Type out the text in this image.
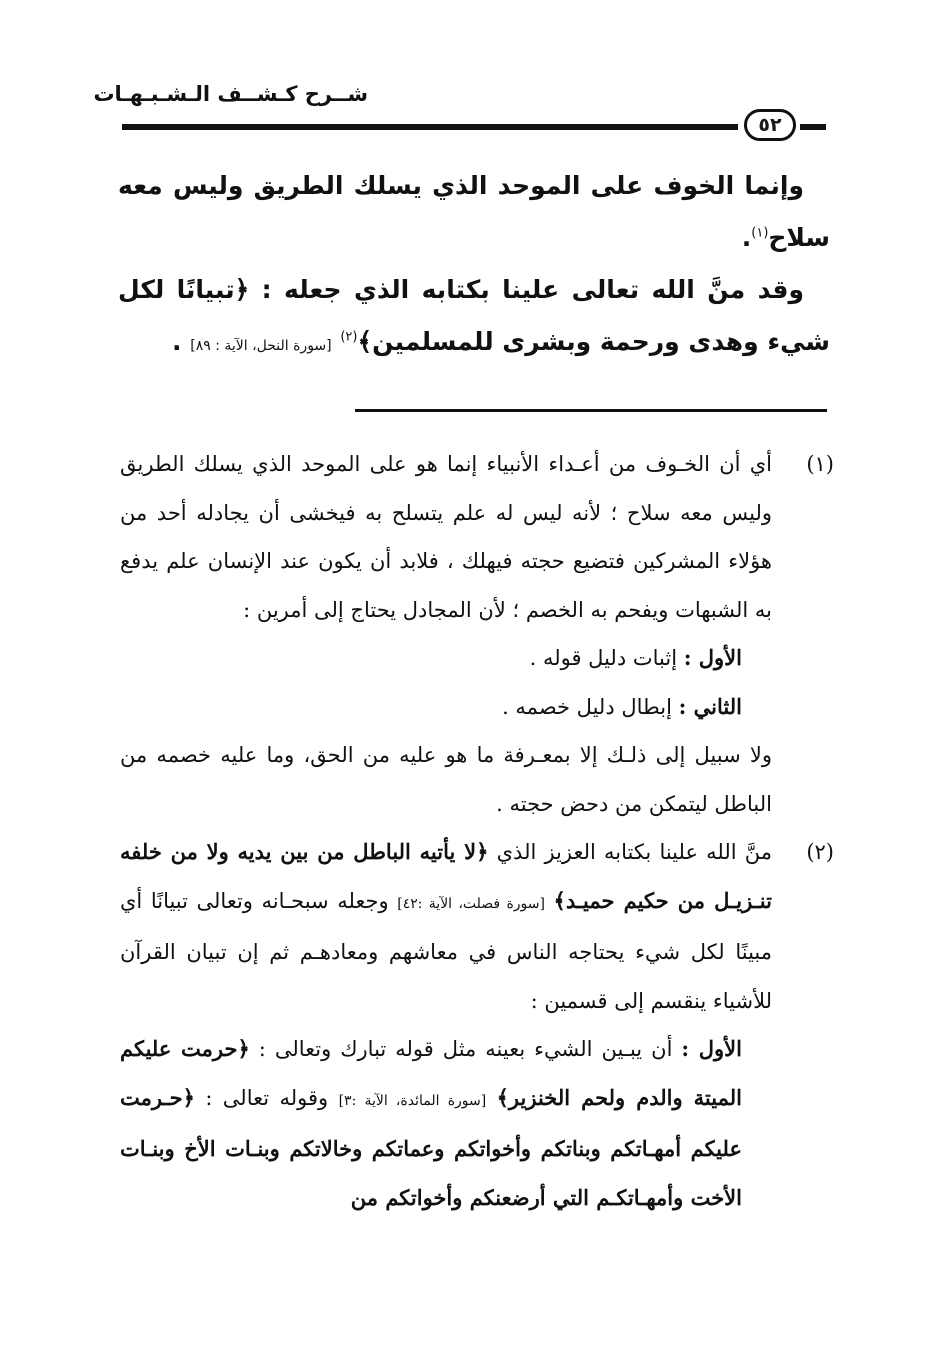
شــرح كـشــف الـشـبـهـات
٥٢

وإنما الخوف على الموحد الذي يسلك الطريق وليس معه سلاح$^{(١)}$.

وقد منَّ الله تعالى علينا بكتابه الذي جعله : ﴿تبيانًا لكل شيء وهدى ورحمة وبشرى للمسلمين﴾$^{(٢)}$ [سورة النحل، الآية : ٨٩] .

(١)

أي أن الخـوف من أعـداء الأنبياء إنما هو على الموحد الذي يسلك الطريق وليس معه سلاح ؛ لأنه ليس له علم يتسلح به فيخشى أن يجادله أحد من هؤلاء المشركين فتضيع حجته فيهلك ، فلابد أن يكون عند الإنسان علم يدفع به الشبهات ويفحم به الخصم ؛ لأن المجادل يحتاج إلى أمرين :

الأول : إثبات دليل قوله .

الثاني : إبطال دليل خصمه .

ولا سبيل إلى ذلـك إلا بمعـرفة ما هو عليه من الحق، وما عليه خصمه من الباطل ليتمكن من دحض حجته .

(٢)

منَّ الله علينا بكتابه العزيز الذي ﴿لا يأتيه الباطل من بين يديه ولا من خلفه تنـزيـل من حكيم حميـد﴾ [سورة فصلت، الآية :٤٢] وجعله سبحـانه وتعالى تبيانًا أي مبينًا لكل شيء يحتاجه الناس في معاشهم ومعادهـم ثم إن تبيان القرآن للأشياء ينقسم إلى قسمين :

الأول : أن يبـين الشيء بعينه مثل قوله تبارك وتعالى : ﴿حرمت عليكم الميتة والدم ولحم الخنزير﴾ [سورة المائدة، الآية :٣] وقوله تعالى : ﴿حـرمت عليكم أمهـاتكم وبناتكم وأخواتكم وعماتكم وخالاتكم وبنـات الأخ وبنـات الأخت وأمهـاتكـم التي أرضعنكم وأخواتكم من
